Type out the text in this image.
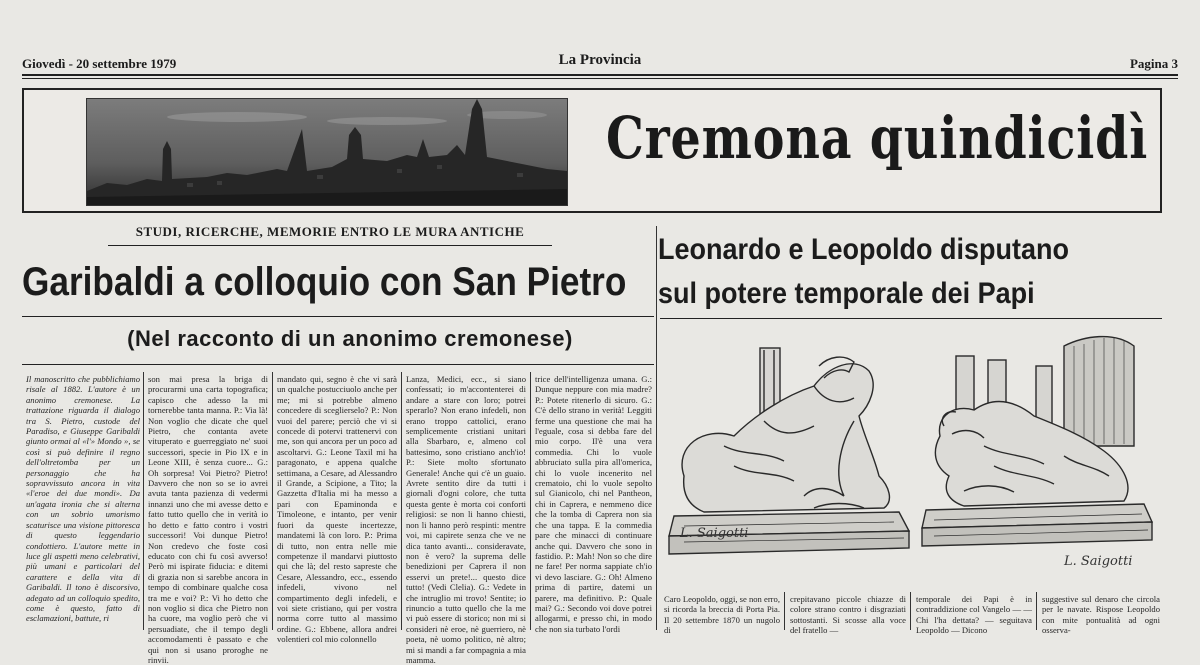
Giovedì - 20 settembre 1979	La Provincia	Pagina 3
Cremona quindicidì
STUDI, RICERCHE, MEMORIE ENTRO LE MURA ANTICHE
Garibaldi a colloquio con San Pietro
(Nel racconto di un anonimo cremonese)
Il manoscritto che pubblichiamo risale al 1882. L'autore è un anonimo cremonese. La trattazione riguarda il dialogo tra S. Pietro, custode del Paradiso, e Giuseppe Garibaldi giunto ormai al «l'» Mondo », se così si può definire il regno dell'oltretomba per un personaggio che ha sopravvissuto ancora in vita «l'eroe dei due mondi». Da un'agata ironia che si alterna con un sobrio umorismo scaturisce una visione pittoresca di questo leggendario condottiero. L'autore mette in luce gli aspetti meno celebrativi, più umani e particolari del carattere e della vita di Garibaldi. Il tono è discorsivo, adegato ad un colloquio spedito, come è questo, fatto di esclamazioni, battute, ri
son mai presa la briga di procurarmi una carta topografica; capisco che adesso la mi tornerebbe tanta manna. P.: Via là! Non voglio che dicate che quel Pietro, che contanta avete vituperato e guerreggiato ne' suoi successori, specie in Pio IX e in Leone XIII, è senza cuore... G.: Oh sorpresa! Voi Pietro? Pietro! Davvero che non so se io avrei avuta tanta pazienza di vedermi innanzi uno che mi avesse detto e fatto tutto quello che in verità io ho detto e fatto contro i vostri successori! Voi dunque Pietro! Non credevo che foste così educato con chi fu così avverso! Però mi ispirate fiducia: e ditemi di grazia non si sarebbe ancora in tempo di combinare qualche cosa tra me e voi? P.: Vi ho detto che non voglio si dica che Pietro non ha cuore, ma voglio però che vi persuadiate, che il tempo degli accomodamenti è passato e che qui non si usano proroghe ne rinvii.
mandato qui, segno è che vi sarà un qualche postucciuolo anche per me; mi si potrebbe almeno concedere di sceglierselo? P.: Non vuoi del parere; perciò che vi si concede di potervi trattenervi con me, son qui ancora per un poco ad ascoltarvi. G.: Leone Taxil mi ha paragonato, e appena qualche settimana, a Cesare, ad Alessandro il Grande, a Scipione, a Tito; la Gazzetta d'Italia mi ha messo a pari con Epaminonda e Timoleone, e intanto, per venir fuori da queste incertezze, mandatemi là con loro. P.: Prima di tutto, non entra nelle mie competenze il mandarvi piuttosto qui che là; del resto sapreste che Cesare, Alessandro, ecc., essendo infedeli, vivono nel compartimento degli infedeli, e voi siete cristiano, qui per vostra norma corre tutto al massimo ordine. G.: Ebbene, allora andrei volentieri col mio colonnello
Lanza, Medici, ecc., si siano confessati; io m'accontenterei di andare a stare con loro; potrei sperarlo? Non erano infedeli, non erano troppo cattolici, erano semplicemente cristiani unitari alla Sbarbaro, e, almeno col battesimo, sono cristiano anch'io! P.: Siete molto sfortunato Generale! Anche qui c'è un guaio. Avrete sentito dire da tutti i giornali d'ogni colore, che tutta questa gente è morta coi conforti religiosi: se non li hanno chiesti, non li hanno però respinti: mentre voi, mi capirete senza che ve ne dica tanto avanti... consideravate, non è vero? la suprema delle benedizioni per Caprera il non esservi un prete!... questo dice tutto! (Vedi Clelia). G.: Vedete in che intruglio mi trovo! Sentite; io rinuncio a tutto quello che la me vi può essere di storico; non mi si consideri nè eroe, nè guerriero, nè poeta, nè uomo politico, nè altro; mi si mandi a far compagnia a mia mamma.
trice dell'intelligenza umana. G.: Dunque neppure con mia madre? P.: Potete ritenerlo di sicuro. G.: C'è dello strano in verità! Leggiti ferme una questione che mai ha l'eguale, cosa si debba fare del mio corpo. Il'è una vera commedia. Chi lo vuole abbruciato sulla pira all'omerica, chi lo vuole incenerito nel crematoio, chi lo vuole sepolto sul Gianicolo, chi nel Pantheon, chi in Caprera, e nemmeno dice che la tomba di Caprera non sia che una tappa. E la commedia pare che minacci di continuare anche qui. Davvero che sono in fastidio. P.: Mah! Non so che dire ne fare! Per norma sappiate ch'io vi devo lasciare. G.: Oh! Almeno prima di partire, datemi un parere, ma definitivo. P.: Quale mai? G.: Secondo voi dove potrei allogarmi, e presso chi, in modo che non sia turbato l'ordi
Leonardo e Leopoldo disputano
sul potere temporale dei Papi
L. Saigotti
L. Saigotti
Caro Leopoldo, oggi, se non erro, si ricorda la breccia di Porta Pia. Il 20 settembre 1870 un nugolo di
crepitavano piccole chiazze di colore strano contro i disgraziati sottostanti. Si scosse alla voce del fratello —
temporale dei Papi è in contraddizione col Vangelo — — Chi l'ha dettata? — seguitava Leopoldo — Dicono
suggestive sul denaro che circola per le navate. Rispose Leopoldo con mite pontualità ad ogni osserva-
